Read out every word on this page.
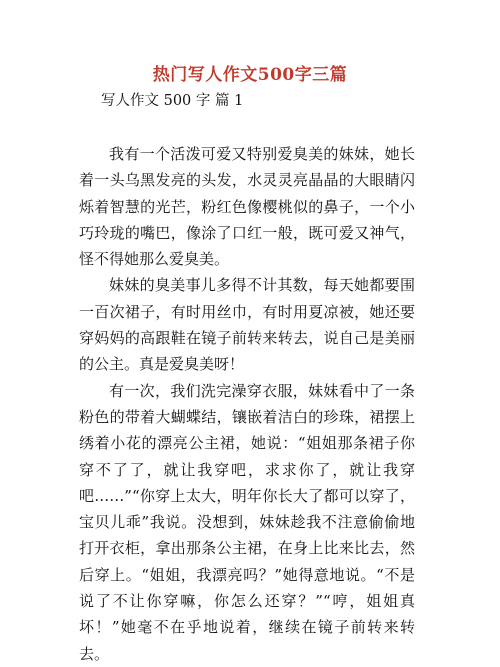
热门写人作文500字三篇
写人作文 500 字 篇 1

我有一个活泼可爱又特别爱臭美的妹妹，她长着一头乌黑发亮的头发，水灵灵亮晶晶的大眼睛闪烁着智慧的光芒，粉红色像樱桃似的鼻子，一个小巧玲珑的嘴巴，像涂了口红一般，既可爱又神气，怪不得她那么爱臭美。

妹妹的臭美事儿多得不计其数，每天她都要围一百次裙子，有时用丝巾，有时用夏凉被，她还要穿妈妈的高跟鞋在镜子前转来转去，说自己是美丽的公主。真是爱臭美呀！

有一次，我们洗完澡穿衣服，妹妹看中了一条粉色的带着大蝴蝶结，镶嵌着洁白的珍珠，裙摆上绣着小花的漂亮公主裙，她说：“姐姐那条裙子你穿不了了，就让我穿吧，求求你了，就让我穿吧……”“你穿上太大，明年你长大了都可以穿了，宝贝儿乖”我说。没想到，妹妹趁我不注意偷偷地打开衣柜，拿出那条公主裙，在身上比来比去，然后穿上。“姐姐，我漂亮吗？”她得意地说。“不是说了不让你穿嘛，你怎么还穿？”“哼，姐姐真坏！”她毫不在乎地说着，继续在镜子前转来转去。
